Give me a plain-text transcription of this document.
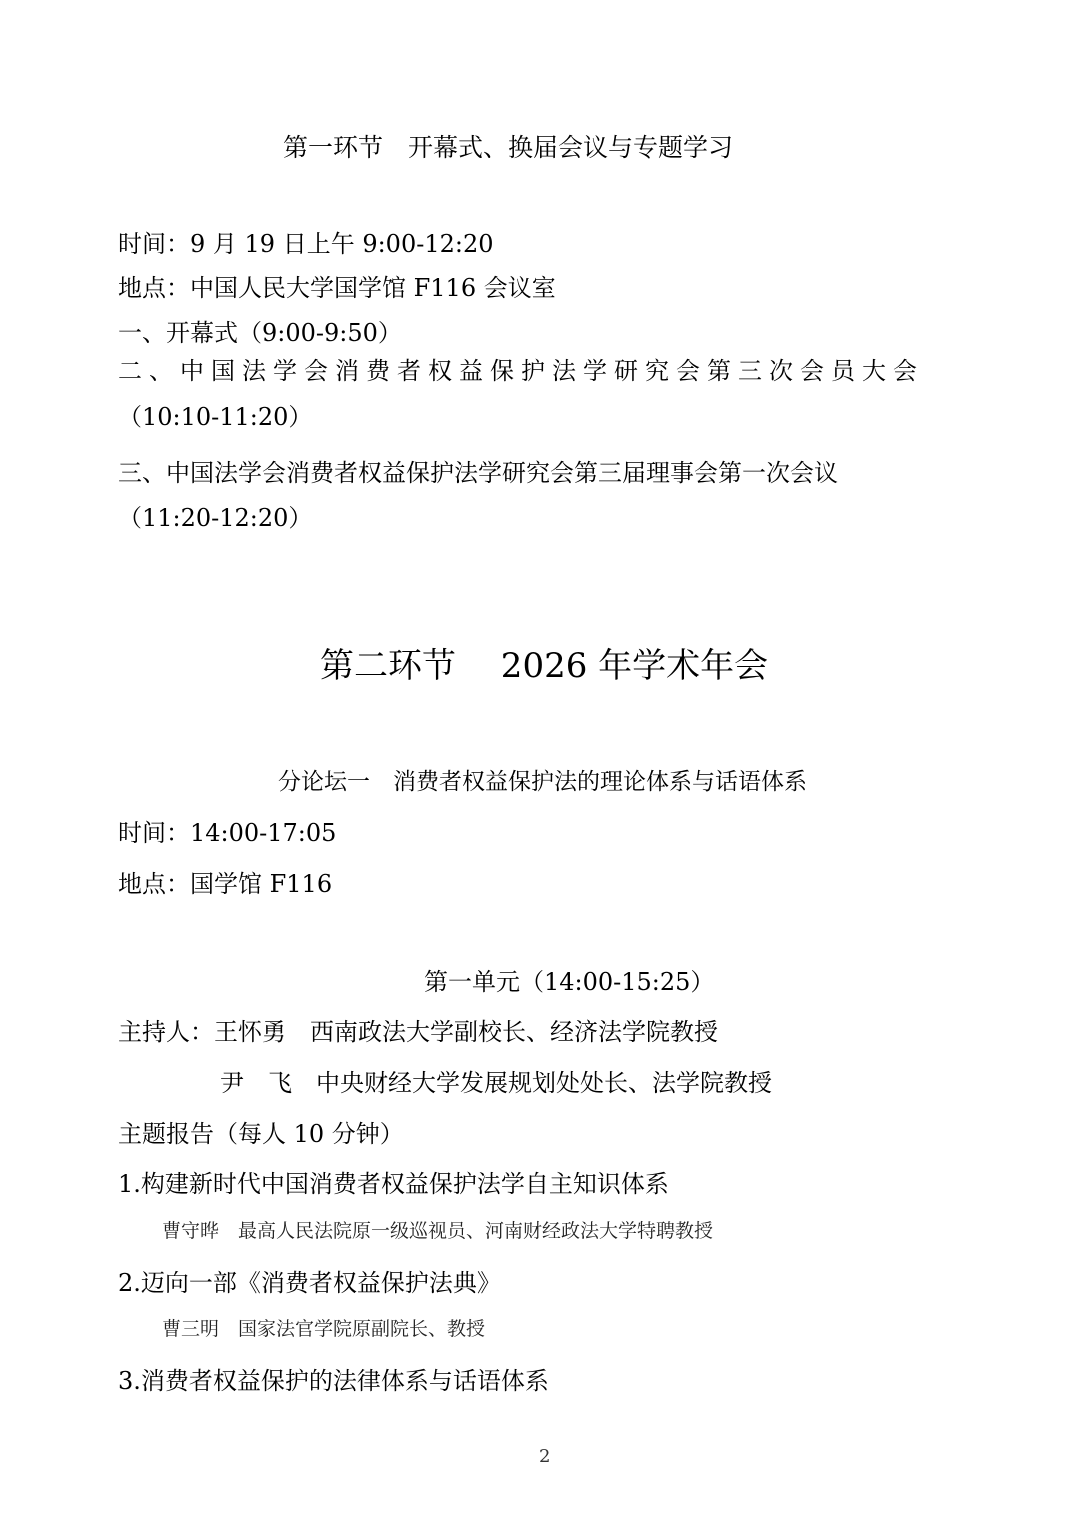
第一环节　开幕式、换届会议与专题学习
时间：9 月 19 日上午 9:00-12:20
地点：中国人民大学国学馆 F116 会议室
一、开幕式（9:00-9:50）
二、中国法学会消费者权益保护法学研究会第三次会员大会
（10:10-11:20）
三、中国法学会消费者权益保护法学研究会第三届理事会第一次会议
（11:20-12:20）
第二环节　 2026 年学术年会
分论坛一　消费者权益保护法的理论体系与话语体系
时间：14:00-17:05
地点：国学馆 F116
第一单元（14:00-15:25）
主持人：王怀勇　西南政法大学副校长、经济法学院教授
尹　飞　中央财经大学发展规划处处长、法学院教授
主题报告（每人 10 分钟）
1.构建新时代中国消费者权益保护法学自主知识体系
曹守晔　最高人民法院原一级巡视员、河南财经政法大学特聘教授
2.迈向一部《消费者权益保护法典》
曹三明　国家法官学院原副院长、教授
3.消费者权益保护的法律体系与话语体系
2
